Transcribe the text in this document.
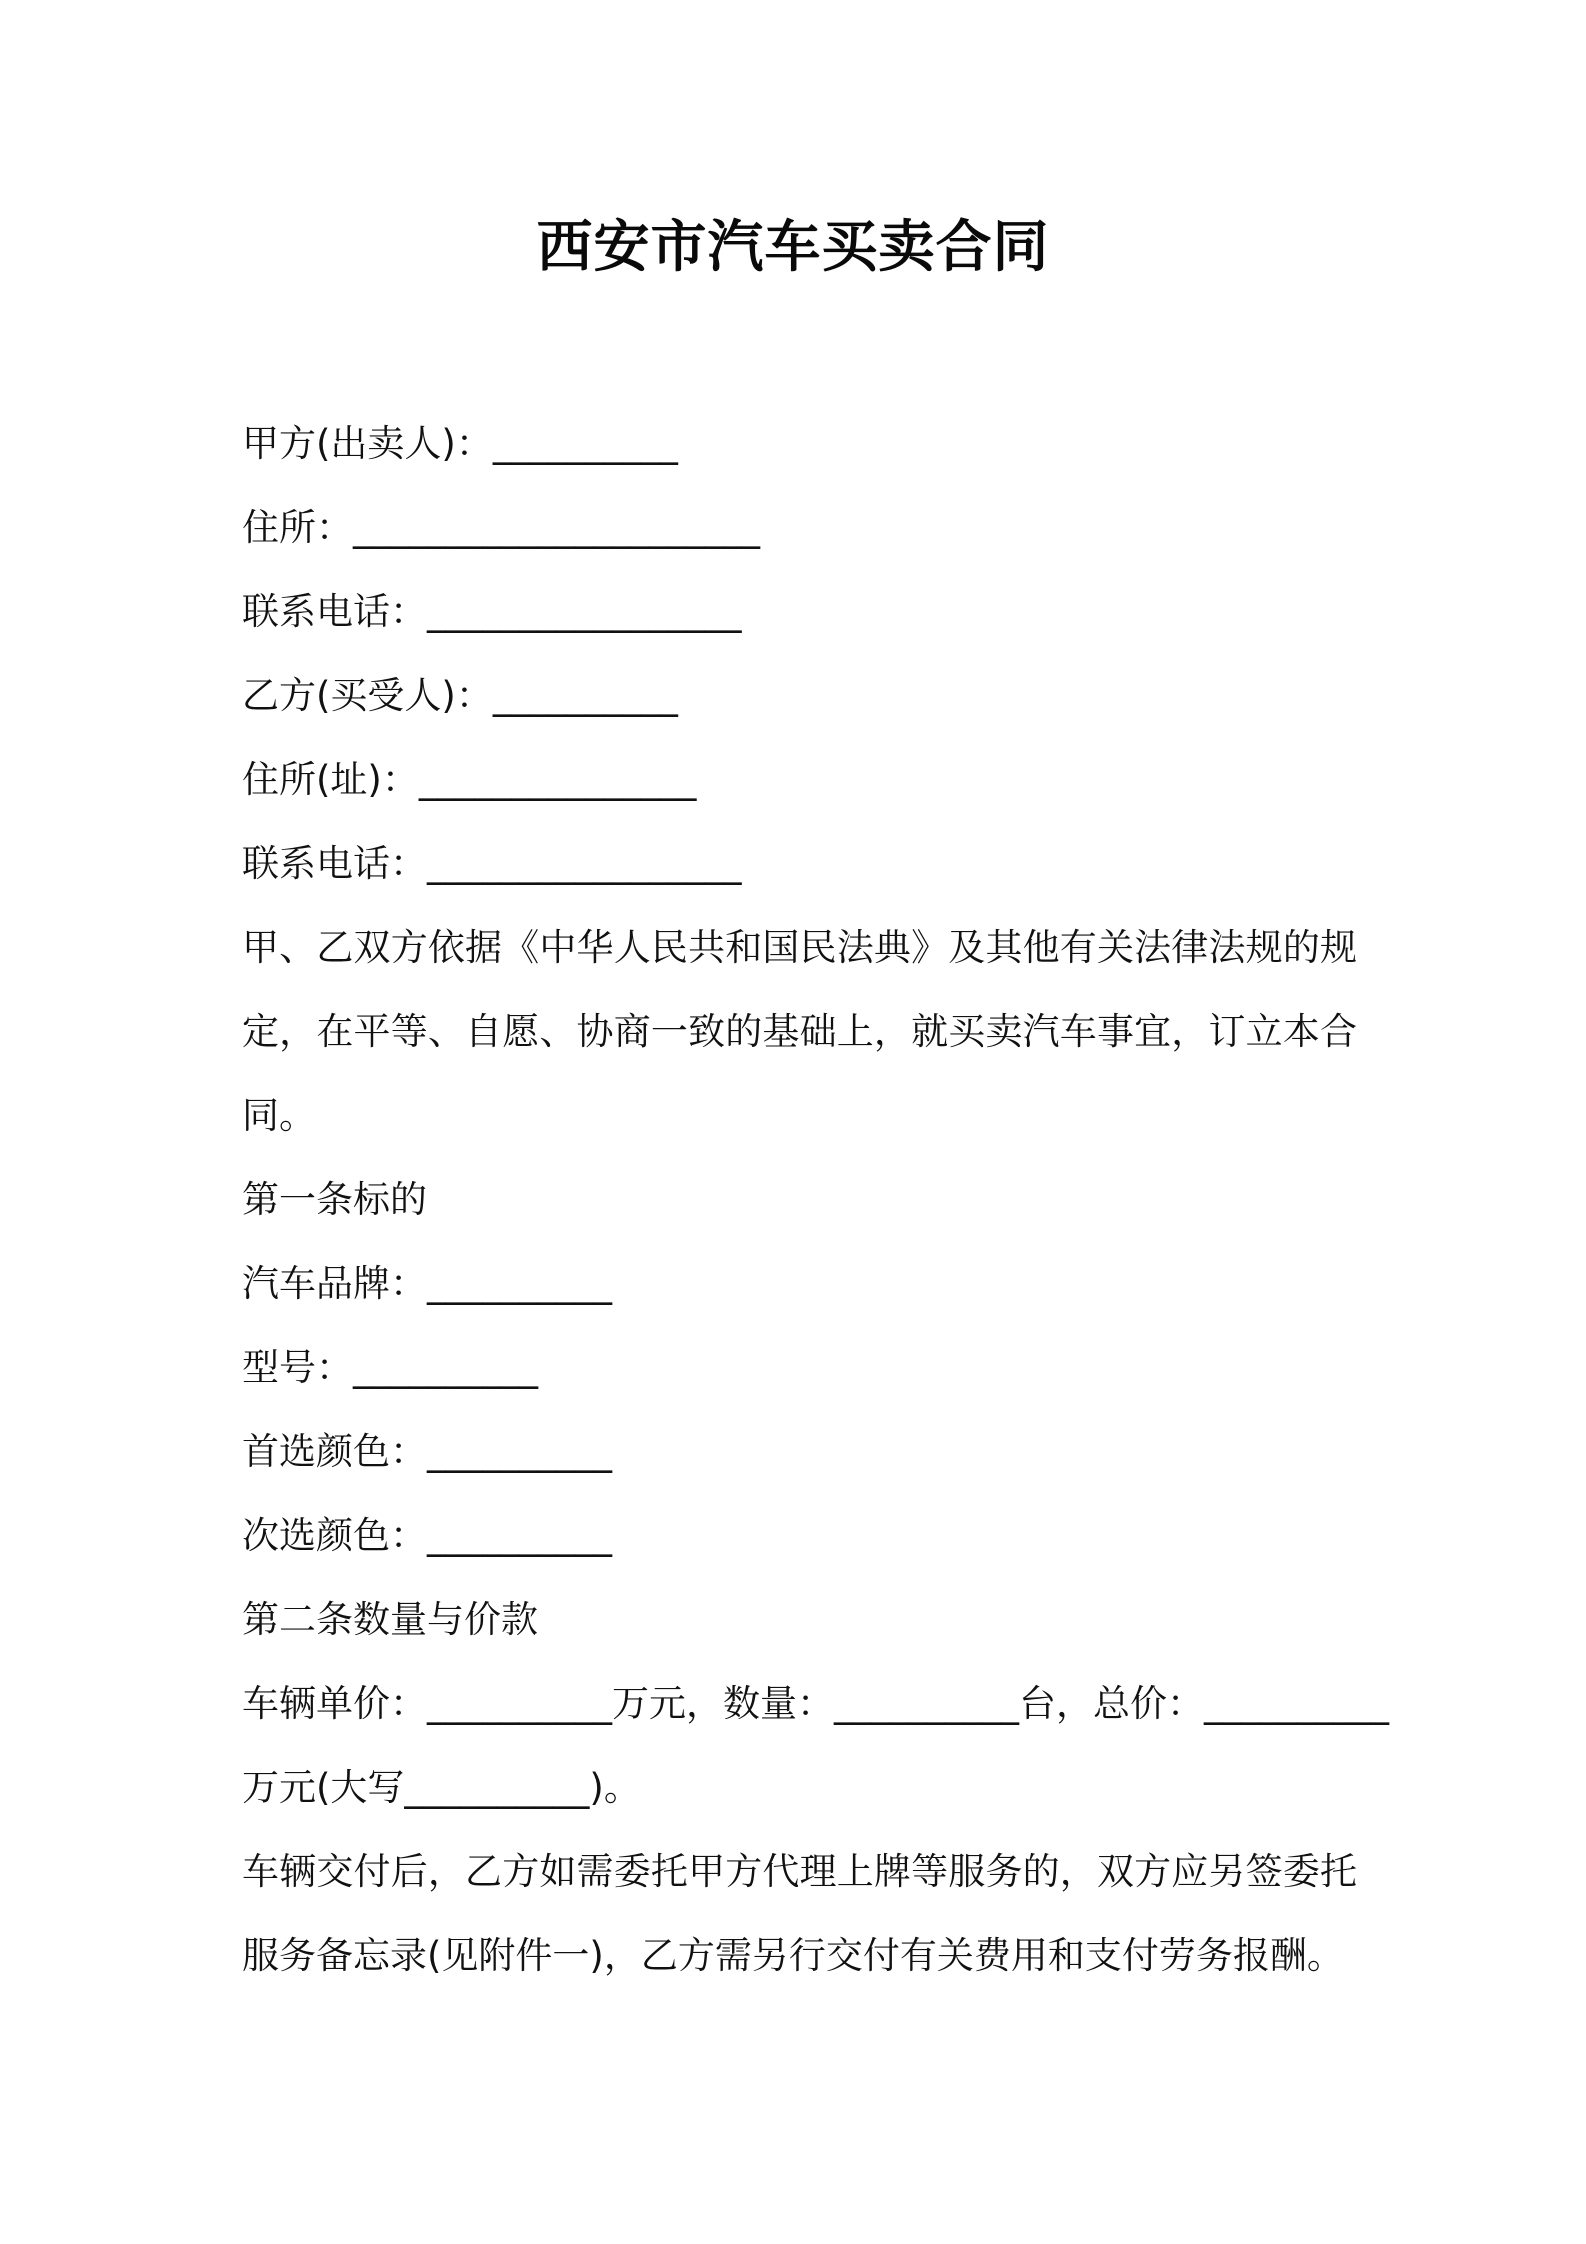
西安市汽车买卖合同
甲方(出卖人)：__________
住所：______________________
联系电话：_________________
乙方(买受人)：__________
住所(址)：_______________
联系电话：_________________
甲、乙双方依据《中华人民共和国民法典》及其他有关法律法规的规定，在平等、自愿、协商一致的基础上，就买卖汽车事宜，订立本合同。
第一条标的
汽车品牌：__________
型号：__________
首选颜色：__________
次选颜色：__________
第二条数量与价款
车辆单价：__________万元，数量：__________台，总价：__________
万元(大写__________)。
车辆交付后，乙方如需委托甲方代理上牌等服务的，双方应另签委托服务备忘录(见附件一)，乙方需另行交付有关费用和支付劳务报酬。
